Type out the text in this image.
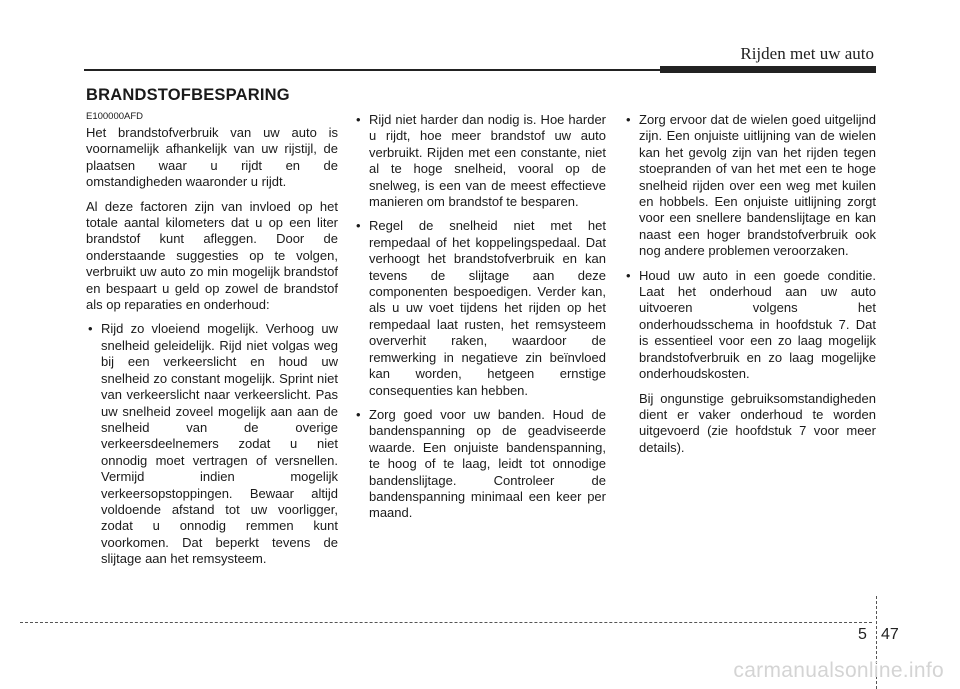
Rijden met uw auto
BRANDSTOFBESPARING

E100000AFD

Het brandstofverbruik van uw auto is voornamelijk afhankelijk van uw rijstijl, de plaatsen waar u rijdt en de omstandigheden waaronder u rijdt.

Al deze factoren zijn van invloed op het totale aantal kilometers dat u op een liter brandstof kunt afleggen. Door de onderstaande suggesties op te volgen, verbruikt uw auto zo min mogelijk brandstof en bespaart u geld op zowel de brandstof als op reparaties en onderhoud:

• Rijd zo vloeiend mogelijk. Verhoog uw snelheid geleidelijk. Rijd niet volgas weg bij een verkeerslicht en houd uw snelheid zo constant mogelijk. Sprint niet van verkeerslicht naar verkeerslicht. Pas uw snelheid zoveel mogelijk aan aan de snelheid van de overige verkeersdeelnemers zodat u niet onnodig moet vertragen of versnellen. Vermijd indien mogelijk verkeersopstoppingen. Bewaar altijd voldoende afstand tot uw voorligger, zodat u onnodig remmen kunt voorkomen. Dat beperkt tevens de slijtage aan het remsysteem.
• Rijd niet harder dan nodig is. Hoe harder u rijdt, hoe meer brandstof uw auto verbruikt. Rijden met een constante, niet al te hoge snelheid, vooral op de snelweg, is een van de meest effectieve manieren om brandstof te besparen.
• Regel de snelheid niet met het rempedaal of het koppelingspedaal. Dat verhoogt het brandstofverbruik en kan tevens de slijtage aan deze componenten bespoedigen. Verder kan, als u uw voet tijdens het rijden op het rempedaal laat rusten, het remsysteem oververhit raken, waardoor de remwerking in negatieve zin beïnvloed kan worden, hetgeen ernstige consequenties kan hebben.
• Zorg goed voor uw banden. Houd de bandenspanning op de geadviseerde waarde. Een onjuiste bandenspanning, te hoog of te laag, leidt tot onnodige bandenslijtage. Controleer de bandenspanning minimaal een keer per maand.
• Zorg ervoor dat de wielen goed uitgelijnd zijn. Een onjuiste uitlijning van de wielen kan het gevolg zijn van het rijden tegen stoepranden of van het met een te hoge snelheid rijden over een weg met kuilen en hobbels. Een onjuiste uitlijning zorgt voor een snellere bandenslijtage en kan naast een hoger brandstofverbruik ook nog andere problemen veroorzaken.
• Houd uw auto in een goede conditie. Laat het onderhoud aan uw auto uitvoeren volgens het onderhoudsschema in hoofdstuk 7. Dat is essentieel voor een zo laag mogelijk brandstofverbruik en zo laag mogelijke onderhoudskosten.

Bij ongunstige gebruiksomstandigheden dient er vaker onderhoud te worden uitgevoerd (zie hoofdstuk 7 voor meer details).

5 47
carmanualsonline.info
